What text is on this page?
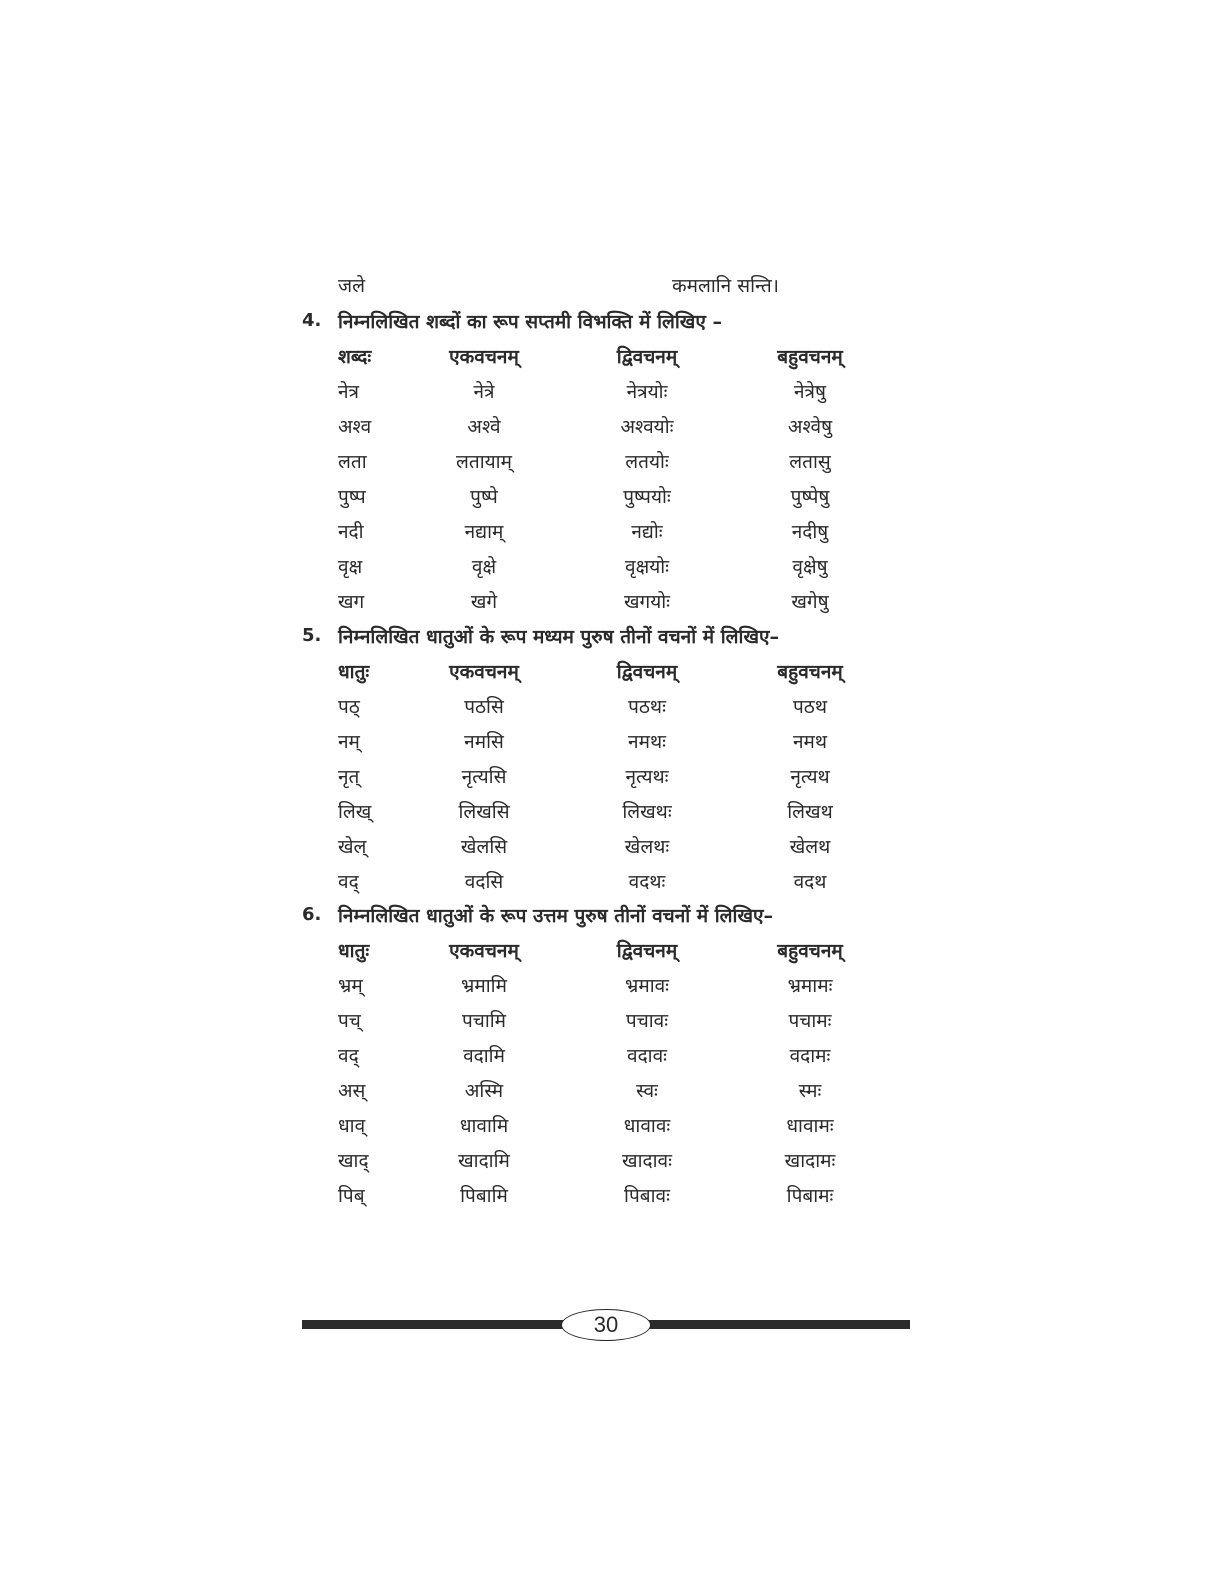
जले	कमलानि सन्ति।
4. निम्नलिखित शब्दों का रूप सप्तमी विभक्ति में लिखिए –
शब्दः	एकवचनम्	द्विवचनम्	बहुवचनम्
नेत्र	नेत्रे	नेत्रयोः	नेत्रेषु
अश्व	अश्वे	अश्वयोः	अश्वेषु
लता	लतायाम्	लतयोः	लतासु
पुष्प	पुष्पे	पुष्पयोः	पुष्पेषु
नदी	नद्याम्	नद्योः	नदीषु
वृक्ष	वृक्षे	वृक्षयोः	वृक्षेषु
खग	खगे	खगयोः	खगेषु
5. निम्नलिखित धातुओं के रूप मध्यम पुरुष तीनों वचनों में लिखिए–
धातुः	एकवचनम्	द्विवचनम्	बहुवचनम्
पठ्	पठसि	पठथः	पठथ
नम्	नमसि	नमथः	नमथ
नृत्	नृत्यसि	नृत्यथः	नृत्यथ
लिख्	लिखसि	लिखथः	लिखथ
खेल्	खेलसि	खेलथः	खेलथ
वद्	वदसि	वदथः	वदथ
6. निम्नलिखित धातुओं के रूप उत्तम पुरुष तीनों वचनों में लिखिए–
धातुः	एकवचनम्	द्विवचनम्	बहुवचनम्
भ्रम्	भ्रमामि	भ्रमावः	भ्रमामः
पच्	पचामि	पचावः	पचामः
वद्	वदामि	वदावः	वदामः
अस्	अस्मि	स्वः	स्मः
धाव्	धावामि	धावावः	धावामः
खाद्	खादामि	खादावः	खादामः
पिब्	पिबामि	पिबावः	पिबामः
30
